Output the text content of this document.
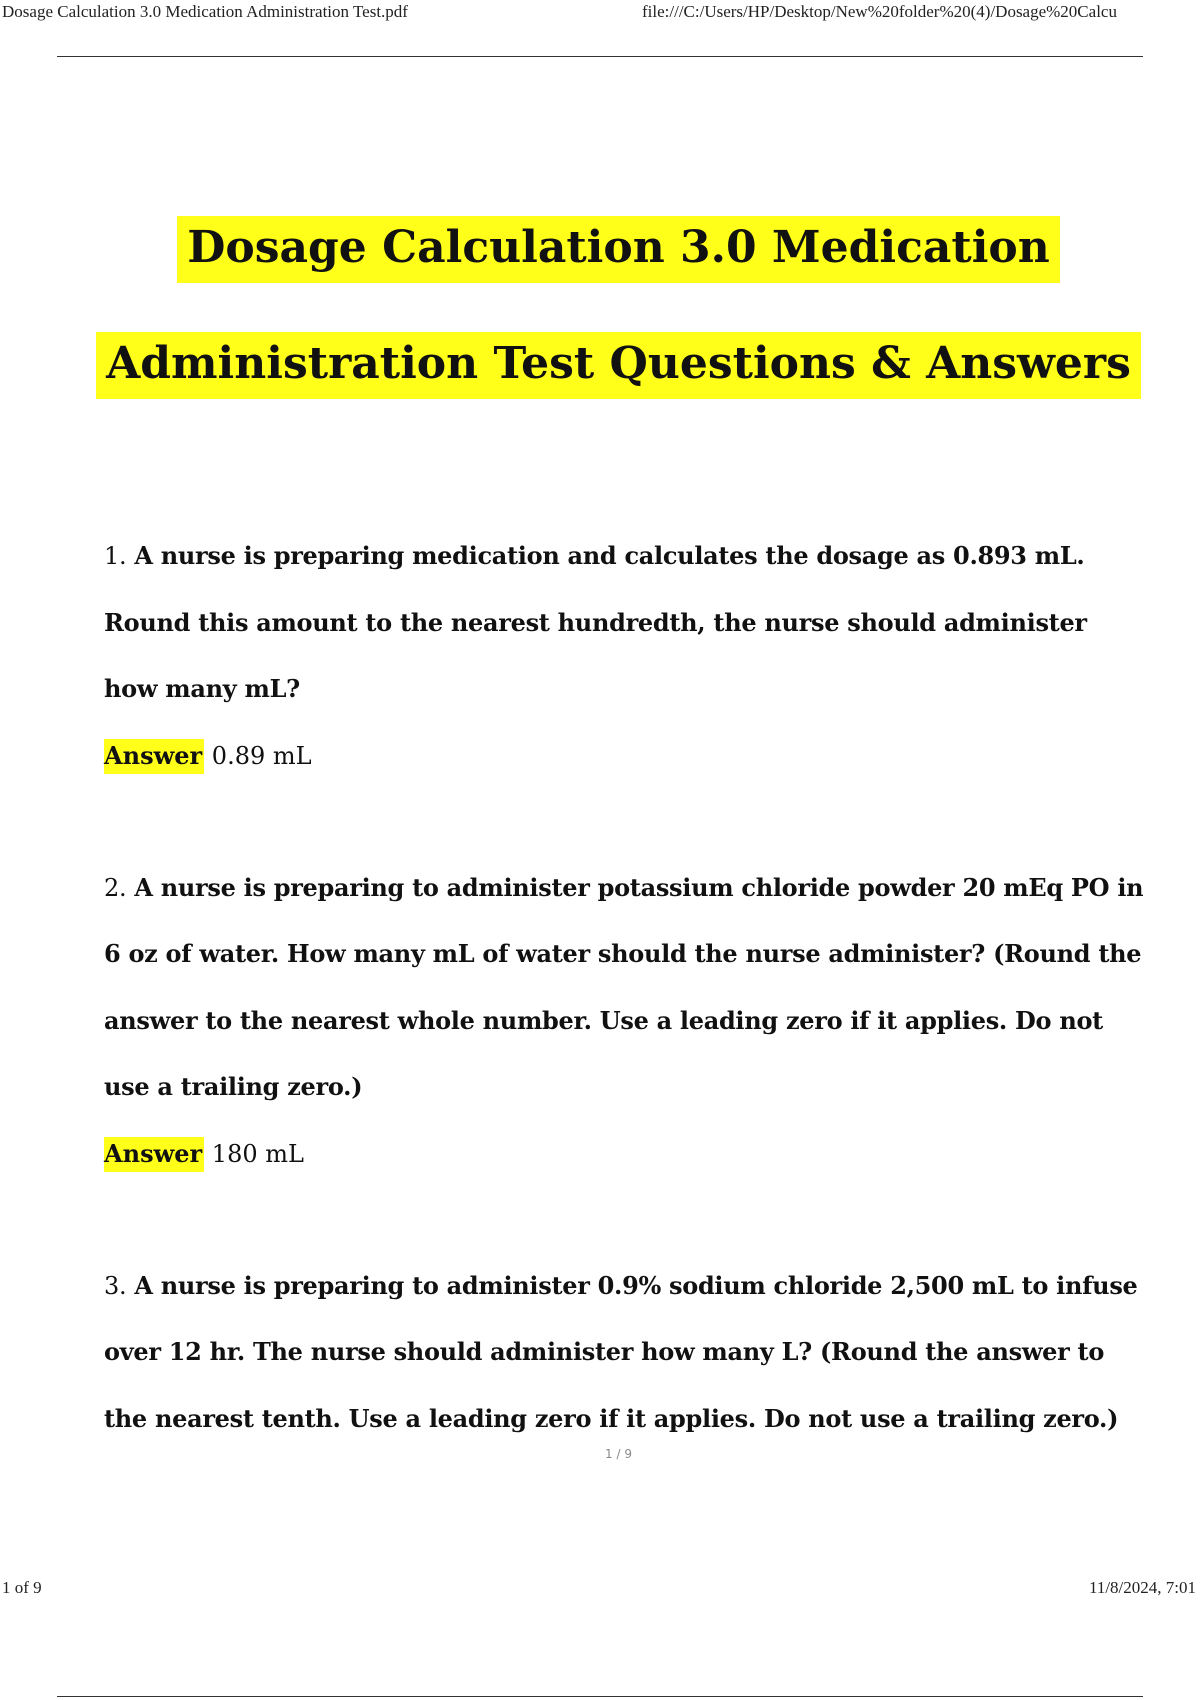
Dosage Calculation 3.0 Medication Administration Test.pdf	file:///C:/Users/HP/Desktop/New%20folder%20(4)/Dosage%20Calcu
Dosage Calculation 3.0 Medication
Administration Test Questions & Answers

1. A nurse is preparing medication and calculates the dosage as 0.893 mL. Round this amount to the nearest hundredth, the nurse should administer how many mL?

Answer 0.89 mL

2. A nurse is preparing to administer potassium chloride powder 20 mEq PO in 6 oz of water. How many mL of water should the nurse administer? (Round the answer to the nearest whole number. Use a leading zero if it applies. Do not use a trailing zero.)

Answer 180 mL

3. A nurse is preparing to administer 0.9% sodium chloride 2,500 mL to infuse over 12 hr. The nurse should administer how many L? (Round the answer to the nearest tenth. Use a leading zero if it applies. Do not use a trailing zero.)

1 / 9
1 of 9	11/8/2024, 7:01
